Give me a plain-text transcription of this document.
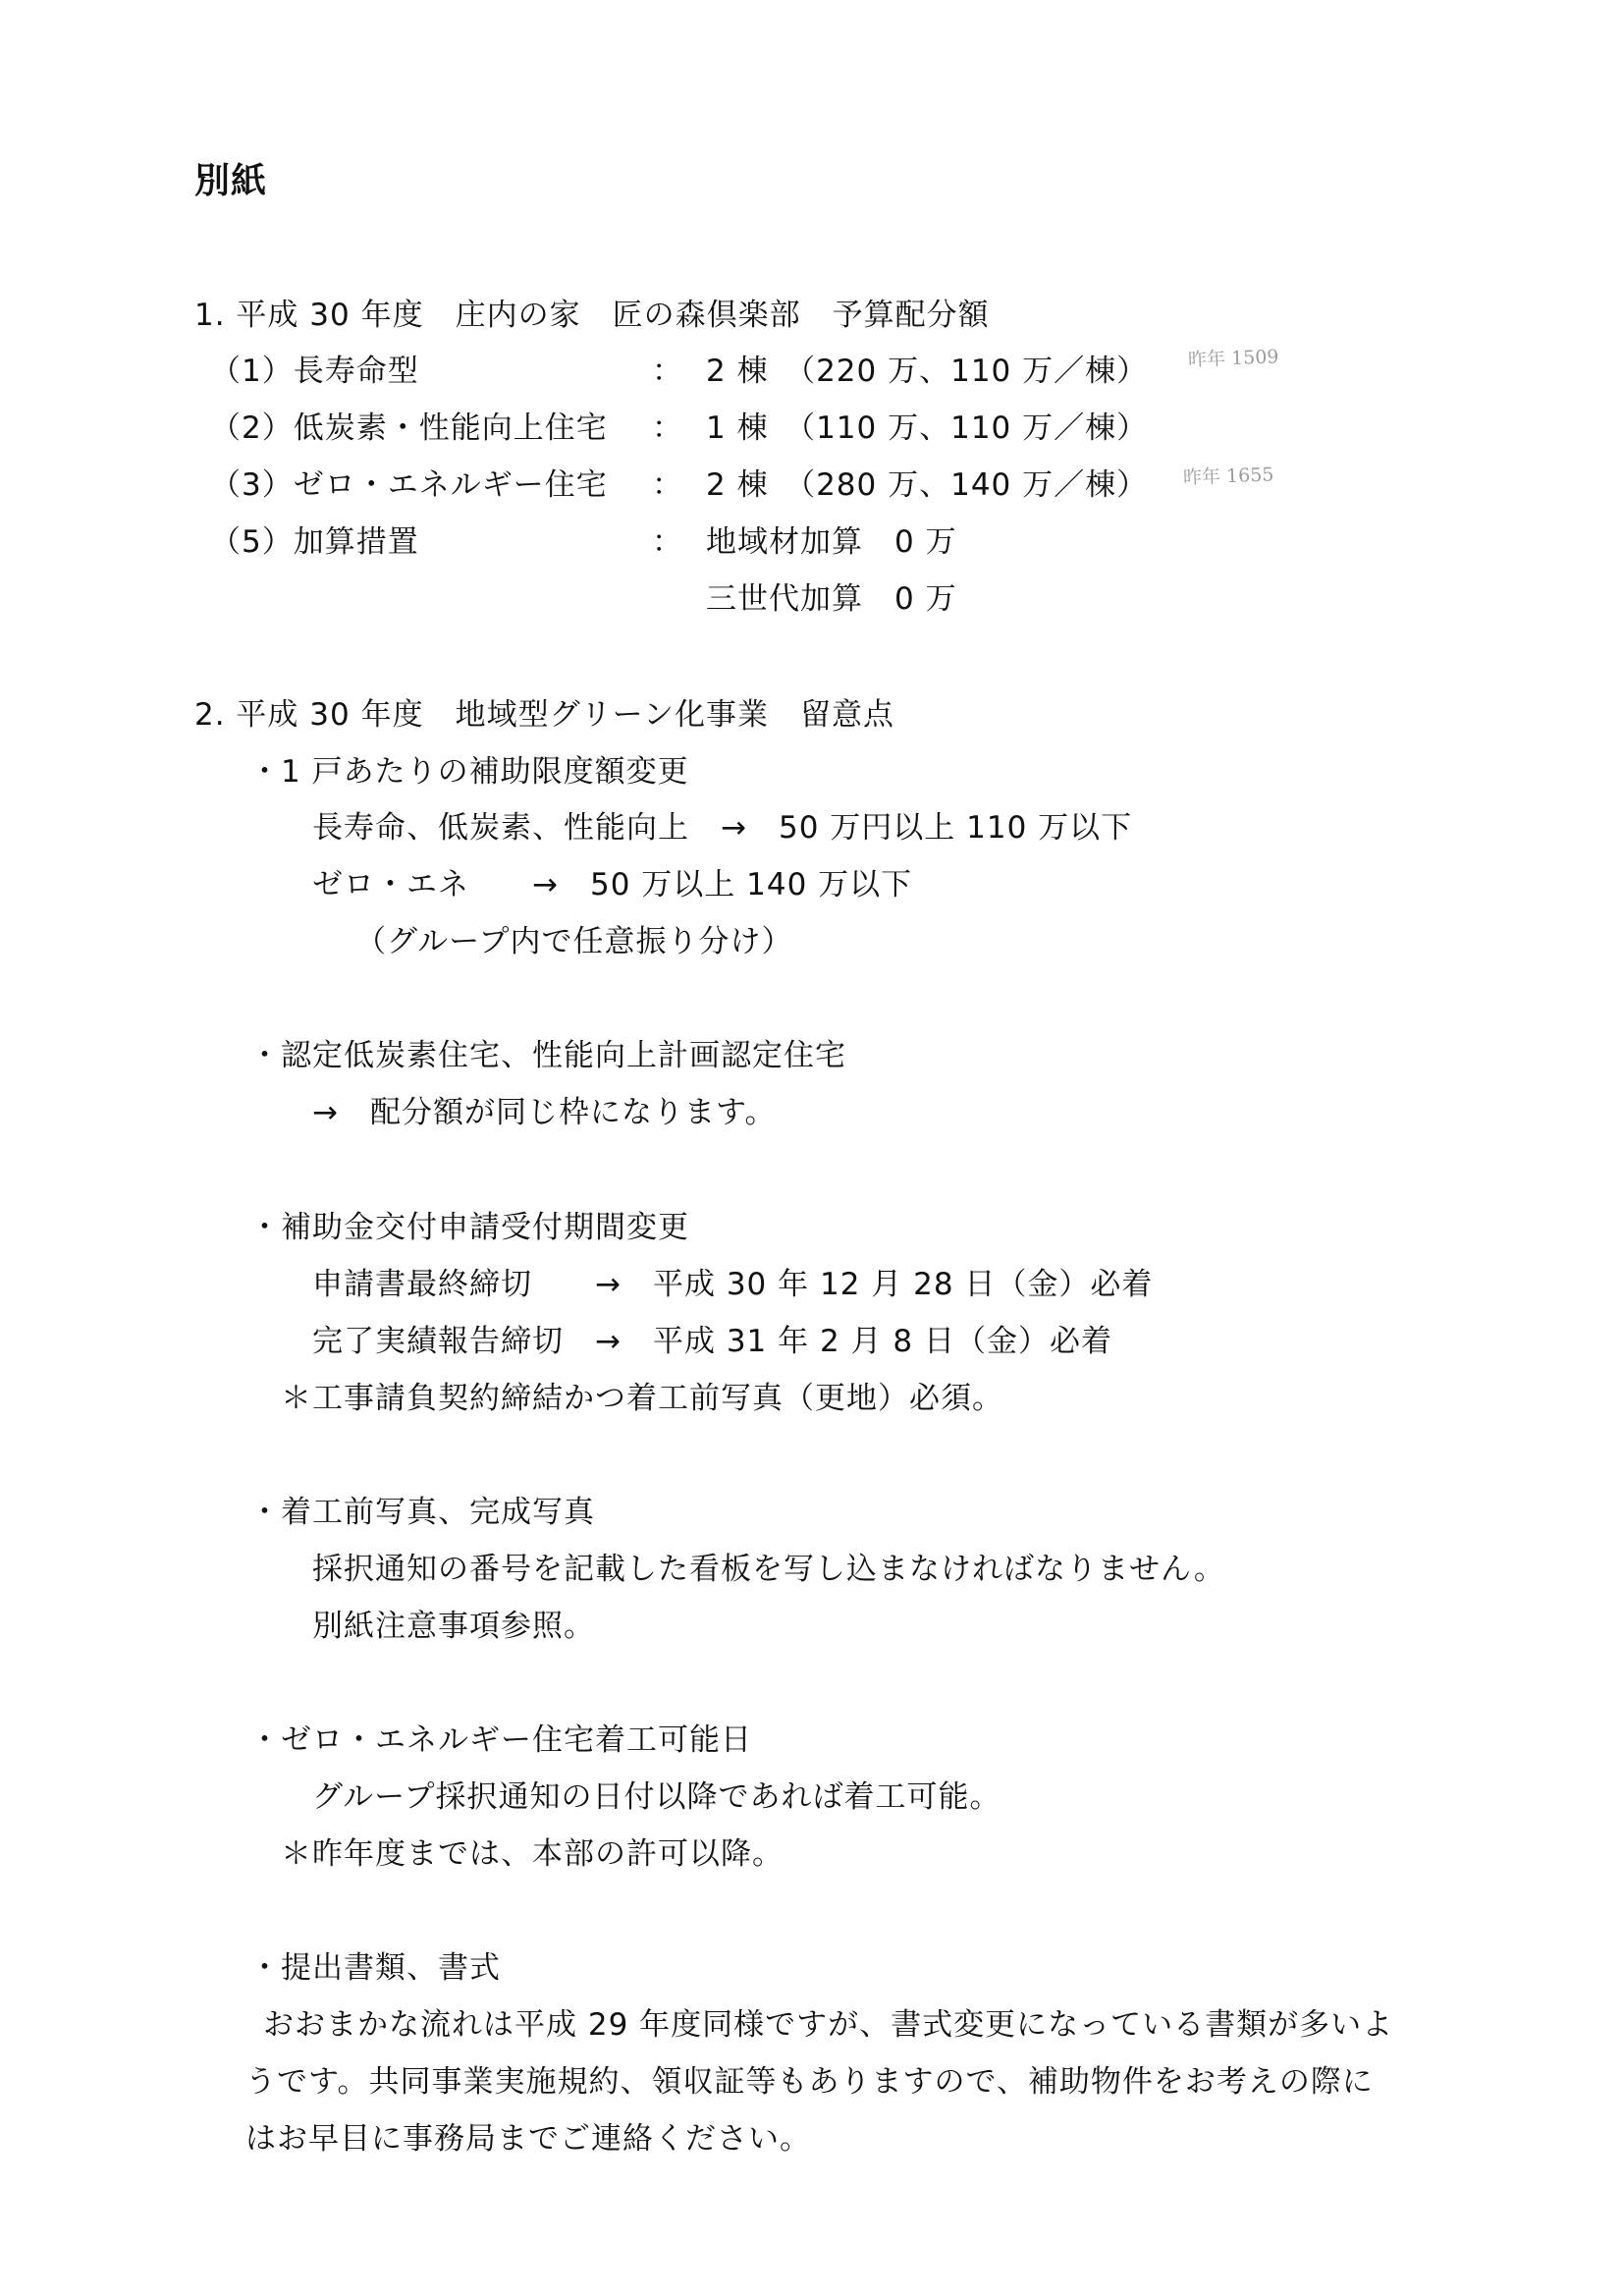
別紙
1. 平成 30 年度　庄内の家　匠の森倶楽部　予算配分額
（1）長寿命型	： 2 棟　（220 万、110 万／棟） 昨年 1509
（2）低炭素・性能向上住宅 ： 1 棟　（110 万、110 万／棟）
（3）ゼロ・エネルギー住宅 ： 2 棟　（280 万、140 万／棟） 昨年 1655
（5）加算措置	： 地域材加算　0 万
三世代加算　0 万
2. 平成 30 年度　地域型グリーン化事業　留意点
・1 戸あたりの補助限度額変更
長寿命、低炭素、性能向上　→　50 万円以上 110 万以下
ゼロ・エネ　　→　50 万以上 140 万以下
（グループ内で任意振り分け）
・認定低炭素住宅、性能向上計画認定住宅
→　配分額が同じ枠になります。
・補助金交付申請受付期間変更
申請書最終締切　　→　平成 30 年 12 月 28 日（金）必着
完了実績報告締切　→　平成 31 年 2 月 8 日（金）必着
＊工事請負契約締結かつ着工前写真（更地）必須。
・着工前写真、完成写真
採択通知の番号を記載した看板を写し込まなければなりません。
別紙注意事項参照。
・ゼロ・エネルギー住宅着工可能日
グループ採択通知の日付以降であれば着工可能。
＊昨年度までは、本部の許可以降。
・提出書類、書式
おおまかな流れは平成 29 年度同様ですが、書式変更になっている書類が多いよ
うです。共同事業実施規約、領収証等もありますので、補助物件をお考えの際に
はお早目に事務局までご連絡ください。
